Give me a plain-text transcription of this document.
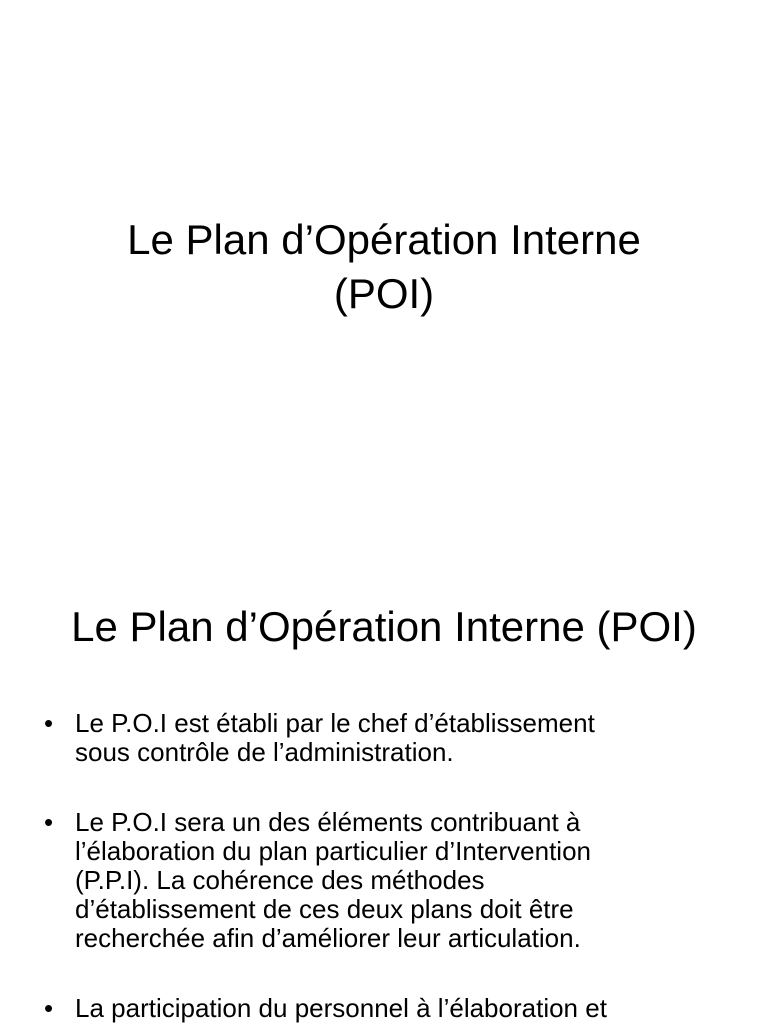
Le Plan d’Opération Interne
(POI)
Le Plan d’Opération Interne (POI)
• Le P.O.I est établi par le chef d’établissement
sous contrôle de l’administration.
• Le P.O.I sera un des éléments contribuant à
l’élaboration du plan particulier d’Intervention
(P.P.I). La cohérence des méthodes
d’établissement de ces deux plans doit être
recherchée afin d’améliorer leur articulation.
• La participation du personnel à l’élaboration et
